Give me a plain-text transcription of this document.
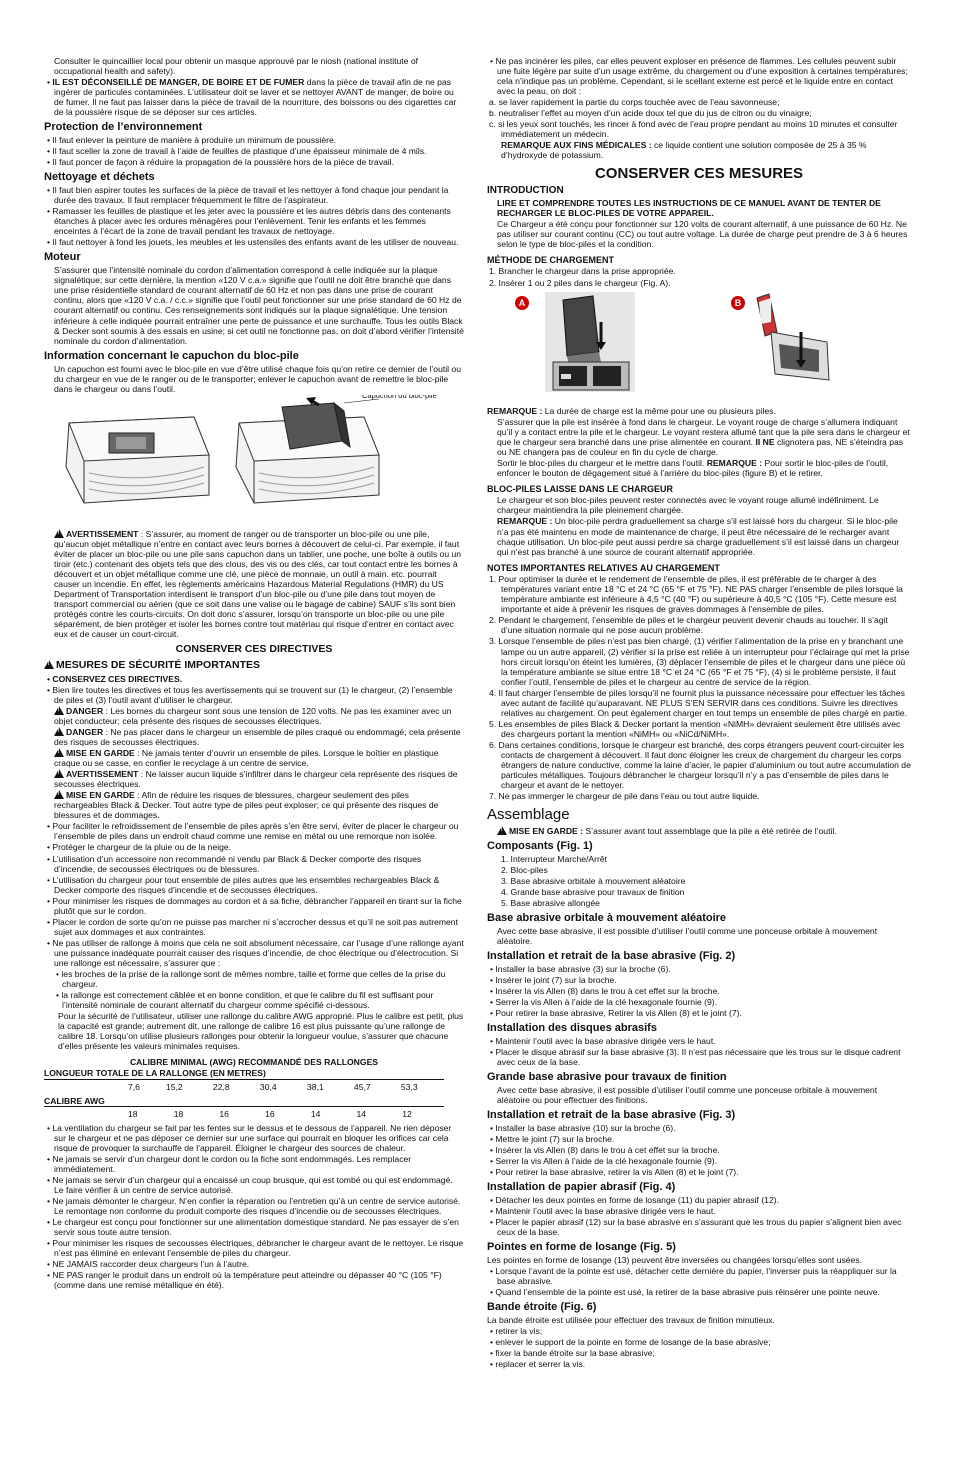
Consulter le quincaillier local pour obtenir un masque approuvé par le niosh (national institute of occupational health and safety).

• IL EST DÉCONSEILLÉ DE MANGER, DE BOIRE ET DE FUMER dans la pièce de travail afin de ne pas ingérer de particules contaminées. L’utilisateur doit se laver et se nettoyer AVANT de manger, de boire ou de fumer. Il ne faut pas laisser dans la pièce de travail de la nourriture, des boissons ou des cigarettes car de la poussière risque de se déposer sur ces articles.

Protection de l’environnement

• Il faut enlever la peinture de manière à produire un minimum de poussière.

• Il faut sceller la zone de travail à l’aide de feuilles de plastique d’une épaisseur minimale de 4 mils.

• Il faut poncer de façon à réduire la propagation de la poussière hors de la pièce de travail.

Nettoyage et déchets

• Il faut bien aspirer toutes les surfaces de la pièce de travail et les nettoyer à fond chaque jour pendant la durée des travaux. Il faut remplacer fréquemment le filtre de l’aspirateur.

• Ramasser les feuilles de plastique et les jeter avec la poussière et les autres débris dans des contenants étanches à placer avec les ordures ménagères pour l’enlèvement. Tenir les enfants et les femmes enceintes à l’écart de la zone de travail pendant les travaux de nettoyage.

• Il faut nettoyer à fond les jouets, les meubles et les ustensiles des enfants avant de les utiliser de nouveau.

Moteur

S’assurer que l’intensité nominale du cordon d’alimentation correspond à celle indiquée sur la plaque signalétique; sur cette dernière, la mention «120 V c.a.» signifie que l’outil ne doit être branché que dans une prise résidentielle standard de courant alternatif de 60 Hz et non pas dans une prise de courant continu, alors que «120 V c.a. / c.c.» signifie que l’outil peut fonctionner sur une prise standard de 60 Hz de courant alternatif ou continu. Ces renseignements sont indiqués sur la plaque signalétique. Une tension inférieure à celle indiquée pourrait entraîner une perte de puissance et une surchauffe. Tous les outils Black & Decker sont soumis à des essais en usine; si cet outil ne fonctionne pas, on doit d’abord vérifier l’intensité nominale du cordon d’alimentation.

Information concernant le capuchon du bloc-pile

Un capuchon est fourni avec le bloc-pile en vue d’être utilisé chaque fois qu’on retire ce dernier de l’outil ou du chargeur en vue de le ranger ou de le transporter; enlever le capuchon avant de remettre le bloc-pile dans le chargeur ou dans l’outil.

Capuchon du bloc-pile

!AVERTISSEMENT : S’assurer, au moment de ranger ou de transporter un bloc-pile ou une pile, qu’aucun objet métallique n’entre en contact avec leurs bornes à découvert de celui-ci. Par exemple, il faut éviter de placer un bloc-pile ou une pile sans capuchon dans un tablier, une poche, une boîte à outils ou un tiroir (etc.) contenant des objets tels que des clous, des vis ou des clés, car tout contact entre les bornes à découvert et un objet métallique comme une clé, une pièce de monnaie, un outil à main. etc. pourrait causer un incendie. En effet, les règlements américains Hazardous Material Regulations (HMR) du US Department of Transportation interdisent le transport d’un bloc-pile ou d’une pile dans tout moyen de transport commercial ou aérien (que ce soit dans une valise ou le bagage de cabine) SAUF s’ils sont bien protégés contre les courts-circuits. On doit donc s’assurer, lorsqu’on transporte un bloc-pile ou une pile séparément, de bien protéger et isoler les bornes contre tout matériau qui risque d’entrer en contact avec eux et de causer un court-circuit.

CONSERVER CES DIRECTIVES

!MESURES DE SÉCURITÉ IMPORTANTES

• CONSERVEZ CES DIRECTIVES.

• Bien lire toutes les directives et tous les avertissements qui se trouvent sur (1) le chargeur, (2) l’ensemble de piles et (3) l’outil avant d’utiliser le chargeur.

!DANGER : Les bornes du chargeur sont sous une tension de 120 volts. Ne pas les examiner avec un objet conducteur; cela présente des risques de secousses électriques.

!DANGER : Ne pas placer dans le chargeur un ensemble de piles craqué ou endommagé; cela présente des risques de secousses électriques.

!MISE EN GARDE : Ne jamais tenter d’ouvrir un ensemble de piles. Lorsque le boîtier en plastique craque ou se casse, en confier le recyclage à un centre de service.

!AVERTISSEMENT : Ne laisser aucun liquide s’infiltrer dans le chargeur cela représente des risques de secousses électriques.

!MISE EN GARDE : Afin de réduire les risques de blessures, chargeur seulement des piles rechargeables Black & Decker. Tout autre type de piles peut exploser; ce qui présente des risques de blessures et de dommages.

• Pour faciliter le refroidissement de l’ensemble de piles après s’en être servi, éviter de placer le chargeur ou l’ensemble de piles dans un endroit chaud comme une remise en métal ou une remorque non isolée.

• Protéger le chargeur de la pluie ou de la neige.

• L’utilisation d’un accessoire non recommandé ni vendu par Black & Decker comporte des risques d’incendie, de secousses électriques ou de blessures.

• L’utilisation du chargeur pour tout ensemble de piles autres que les ensembles rechargeables Black & Decker comporte des risques d’incendie et de secousses électriques.

• Pour minimiser les risques de dommages au cordon et à sa fiche, débrancher l’appareil en tirant sur la fiche plutôt que sur le cordon.

• Placer le cordon de sorte qu’on ne puisse pas marcher ni s’accrocher dessus et qu’il ne soit pas autrement sujet aux dommages et aux contraintes.

• Ne pas utiliser de rallonge à moins que cela ne soit absolument nécessaire, car l’usage d’une rallonge ayant une puissance inadéquate pourrait causer des risques d’incendie, de choc électrique ou d’électrocution. Si une rallonge est nécessaire, s’assurer que :

• les broches de la prise de la rallonge sont de mêmes nombre, taille et forme que celles de la prise du chargeur.

• la rallonge est correctement câblée et en bonne condition, et que le calibre du fil est suffisant pour l’intensité nominale de courant alternatif du chargeur comme spécifié ci-dessous.

Pour la sécurité de l’utilisateur, utiliser une rallonge du calibre AWG approprié. Plus le calibre est petit, plus la capacité est grande; autrement dit, une rallonge de calibre 16 est plus puissante qu’une rallonge de calibre 18. Lorsqu’on utilise plusieurs rallonges pour obtenir la longueur voulue, s’assurer que chacune d’elles présente les valeurs minimales requises.

CALIBRE MINIMAL (AWG) RECOMMANDÉ DES RALLONGES

LONGUEUR TOTALE DE LA RALLONGE (EN METRES)

	7,6	15,2	22,8	30,4	38,1	45,7	53,3

CALIBRE AWG

	18	18	16	16	14	14	12

• La ventilation du chargeur se fait par les fentes sur le dessus et le dessous de l’appareil. Ne rien déposer sur le chargeur et ne pas déposer ce dernier sur une surface qui pourrait en bloquer les orifices car cela risque de provoquer la surchauffe de l’appareil. Éloigner le chargeur des sources de chaleur.

• Ne jamais se servir d’un chargeur dont le cordon ou la fiche sont endommagés. Les remplacer immédiatement.

• Ne jamais se servir d’un chargeur qui a encaissé un coup brusque, qui est tombé ou qui est endommagé. Le faire vérifier à un centre de service autorisé.

• Ne jamais démonter le chargeur. N’en confier la réparation ou l’entretien qu’à un centre de service autorisé. Le remontage non conforme du produit comporte des risques d’incendie ou de secousses électriques.

• Le chargeur est conçu pour fonctionner sur une alimentation domestique standard. Ne pas essayer de s’en servir sous toute autre tension.

• Pour minimiser les risques de secousses électriques, débrancher le chargeur avant de le nettoyer. Le risque n’est pas éliminé en enlevant l’ensemble de piles du chargeur.

• NE JAMAIS raccorder deux chargeurs l’un à l’autre.

• NE PAS ranger le produit dans un endroit où la température peut atteindre ou dépasser 40 °C (105 °F) (comme dans une remise métallique en été).

• Ne pas incinérer les piles, car elles peuvent exploser en présence de flammes. Les cellules peuvent subir une fuite légère par suite d’un usage extrême, du chargement ou d’une exposition à certaines températures; cela n’indique pas un problème. Cependant, si le scellant externe est percé et le liquide entre en contact avec la peau, on doit :

a. se laver rapidement la partie du corps touchée avec de l’eau savonneuse;

b. neutraliser l’effet au moyen d’un acide doux tel que du jus de citron ou du vinaigre;

c. si les yeux sont touchés, les rincer à fond avec de l’eau propre pendant au moins 10 minutes et consulter immédiatement un médecin.

REMARQUE AUX FINS MÉDICALES : ce liquide contient une solution composée de 25 à 35 % d’hydroxyde de potassium.

CONSERVER CES MESURES

INTRODUCTION

LIRE ET COMPRENDRE TOUTES LES INSTRUCTIONS DE CE MANUEL AVANT DE TENTER DE RECHARGER LE BLOC-PILES DE VOTRE APPAREIL.

Ce Chargeur a été conçu pour fonctionner sur 120 volts de courant alternatif, à une puissance de 60 Hz. Ne pas utiliser sur courant continu (CC) ou tout autre voltage. La durée de charge peut prendre de 3 à 6 heures selon le type de bloc-piles et la condition.

MÉTHODE DE CHARGEMENT

1. Brancher le chargeur dans la prise appropriée.

2. Insérer 1 ou 2 piles dans le chargeur (Fig. A).

A	B

REMARQUE : La durée de charge est la même pour une ou plusieurs piles.

S’assurer que la pile est insérée à fond dans le chargeur. Le voyant rouge de charge s’allumera indiquant qu’il y a contact entre la pile et le chargeur. Le voyant restera allumé tant que la pile sera dans le chargeur et que le chargeur sera branché dans une prise alimentée en courant. Il NE clignotera pas, NE s’éteindra pas ou NE changera pas de couleur en fin du cycle de charge.

Sortir le bloc-piles du chargeur et le mettre dans l’outil. REMARQUE : Pour sortir le bloc-piles de l’outil, enfoncer le bouton de dégagement situé à l’arrière du bloc-piles (figure B) et le retirer.

BLOC-PILES LAISSE DANS LE CHARGEUR

Le chargeur et son bloc-piles peuvent rester connectés avec le voyant rouge allumé indéfiniment. Le chargeur maintiendra la pile pleinement chargée.

REMARQUE : Un bloc-pile perdra graduellement sa charge s’il est laissé hors du chargeur. Si le bloc-pile n’a pas été maintenu en mode de maintenance de charge, il peut être nécessaire de le recharger avant chaque utilisation. Un bloc-pile peut aussi perdre sa charge graduellement s’il est laissé dans un chargeur qui n’est pas branché à une source de courant alternatif appropriée.

NOTES IMPORTANTES RELATIVES AU CHARGEMENT

1. Pour optimiser la durée et le rendement de l’ensemble de piles, il est préférable de le charger à des températures variant entre 18 °C et 24 °C (65 °F et 75 °F). NE PAS charger l’ensemble de piles lorsque la température ambiante est inférieure à 4,5 °C (40 °F) ou supérieure à 40,5 °C (105 °F). Cette mesure est importante et aide à prévenir les risques de graves dommages à l’ensemble de piles.

2. Pendant le chargement, l’ensemble de piles et le chargeur peuvent devenir chauds au toucher. Il s’agit d’une situation normale qui ne pose aucun problème.

3. Lorsque l’ensemble de piles n’est pas bien chargé, (1) vérifier l’alimentation de la prise en y branchant une lampe ou un autre appareil, (2) vérifier si la prise est reliée à un interrupteur pour l’éclairage qui met la prise hors circuit lorsqu’on éteint les lumières, (3) déplacer l’ensemble de piles et le chargeur dans une pièce où la température ambiante se situe entre 18 °C et 24 °C (65 °F et 75 °F), (4) si le problème persiste, il faut confier l’outil, l’ensemble de piles et le chargeur au centre de service de la région.

4. Il faut charger l’ensemble de piles lorsqu’il ne fournit plus la puissance nécessaire pour effectuer les tâches avec autant de facilité qu’auparavant. NE PLUS S’EN SERVIR dans ces conditions. Suivre les directives relatives au chargement. On peut également charger en tout temps un ensemble de piles chargé en partie.

5. Les ensembles de piles Black & Decker portant la mention «NiMH» devraient seulement être utilisés avec des chargeurs portant la mention «NiMH» ou «NiCd/NiMH».

6. Dans certaines conditions, lorsque le chargeur est branché, des corps étrangers peuvent court-circuiter les contacts de chargement à découvert. Il faut donc éloigner les creux de chargement du chargeur les corps étrangers de nature conductive, comme la laine d’acier, le papier d’aluminium ou tout autre accumulation de particules métalliques. Toujours débrancher le chargeur lorsqu’il n’y a pas d’ensemble de piles dans le chargeur et avant de le nettoyer.

7. Ne pas immerger le chargeur de pile dans l’eau ou tout autre liquide.

Assemblage

!MISE EN GARDE : S’assurer avant tout assemblage que la pile a été retirée de l’outil.

Composants (Fig. 1)

1. Interrupteur Marche/Arrêt

2. Bloc-piles

3. Base abrasive orbitale à mouvement aléatoire

4. Grande base abrasive pour travaux de finition

5. Base abrasive allongée

Base abrasive orbitale à mouvement aléatoire

Avec cette base abrasive, il est possible d’utiliser l’outil comme une ponceuse orbitale à mouvement aléatoire.

Installation et retrait de la base abrasive (Fig. 2)

• Installer la base abrasive (3) sur la broche (6).

• Insérer le joint (7) sur la broche.

• Insérer la vis Allen (8) dans le trou à cet effet sur la broche.

• Serrer la vis Allen à l’aide de la clé hexagonale fournie (9).

• Pour retirer la base abrasive, Retirer la vis Allen (8) et le joint (7).

Installation des disques abrasifs

• Maintenir l’outil avec la base abrasive dirigée vers le haut.

• Placer le disque abrasif sur la base abrasive (3). Il n’est pas nécessaire que les trous sur le disque cadrent avec ceux de la base.

Grande base abrasive pour travaux de finition

Avec cette base abrasive, il est possible d’utiliser l’outil comme une ponceuse orbitale à mouvement aléatoire ou pour effectuer des finitions.

Installation et retrait de la base abrasive (Fig. 3)

• Installer la base abrasive (10) sur la broche (6).

• Mettre le joint (7) sur la broche.

• Insérer la vis Allen (8) dans le trou à cet effet sur la broche.

• Serrer la vis Allen à l’aide de la clé hexagonale fournie (9).

• Pour retirer la base abrasive, retirer la vis Allen (8) et le joint (7).

Installation de papier abrasif (Fig. 4)

• Détacher les deux pointes en forme de losange (11) du papier abrasif (12).

• Maintenir l’outil avec la base abrasive dirigée vers le haut.

• Placer le papier abrasif (12) sur la base abrasive en s’assurant que les trous du papier s’alignent bien avec ceux de la base.

Pointes en forme de losange (Fig. 5)

Les pointes en forme de losange (13) peuvent être inversées ou changées lorsqu’elles sont usées.

• Lorsque l’avant de la pointe est usé, détacher cette dernière du papier, l’inverser puis la réappliquer sur la base abrasive.

• Quand l’ensemble de la pointe est usé, la retirer de la base abrasive puis réinsérer une pointe neuve.

Bande étroite (Fig. 6)

La bande étroite est utilisée pour effectuer des travaux de finition minutieux.

• retirer la vis;

• enlever le support de la pointe en forme de losange de la base abrasive;

• fixer la bande étroite sur la base abrasive;

• replacer et serrer la vis.
